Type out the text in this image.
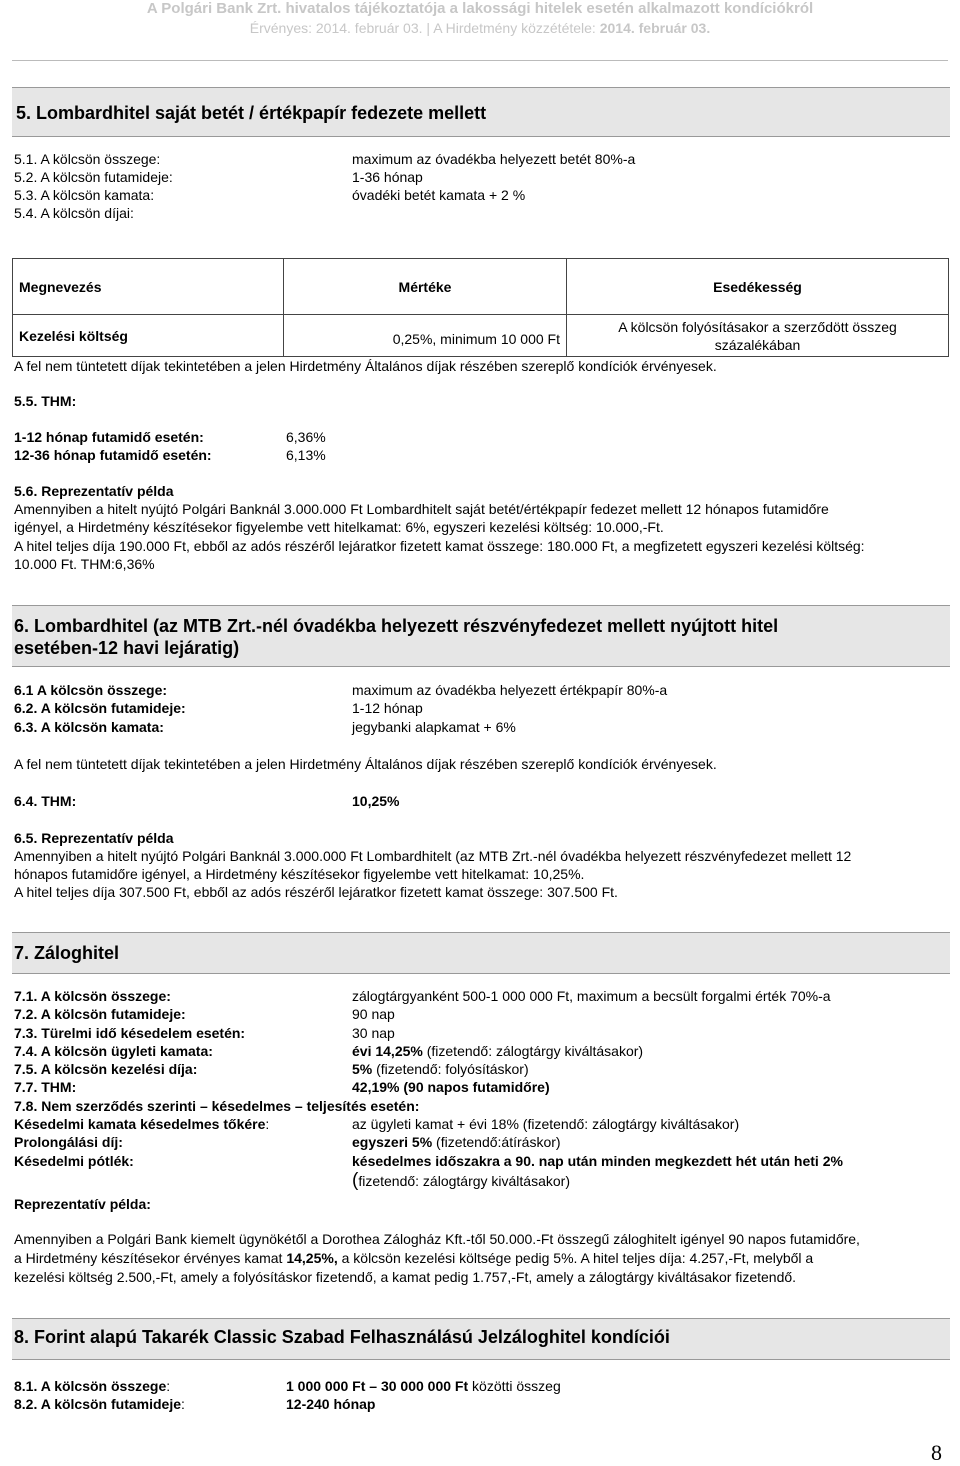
A Polgári Bank Zrt. hivatalos tájékoztatója a lakossági hitelek esetén alkalmazott kondíciókról
Érvényes: 2014. február 03. | A Hirdetmény közzététele: 2014. február 03.
5. Lombardhitel saját betét / értékpapír fedezete mellett
5.1. A kölcsön összege:	maximum az óvadékba helyezett betét 80%-a
5.2. A kölcsön futamideje:	1-36 hónap
5.3. A kölcsön kamata:	óvadéki betét kamata + 2 %
5.4. A kölcsön díjai:
Megnevezés	Mértéke	Esedékesség
Kezelési költség	0,25%, minimum 10 000 Ft	A kölcsön folyósításakor a szerződött összeg
százalékában
A fel nem tüntetett díjak tekintetében a jelen Hirdetmény Általános díjak részében szereplő kondíciók érvényesek.
5.5. THM:
1-12 hónap futamidő esetén:	6,36%
12-36 hónap futamidő esetén:	6,13%
5.6. Reprezentatív példa
Amennyiben a hitelt nyújtó Polgári Banknál 3.000.000 Ft Lombardhitelt saját betét/értékpapír fedezet mellett 12 hónapos futamidőre
igényel, a Hirdetmény készítésekor figyelembe vett hitelkamat: 6%, egyszeri kezelési költség: 10.000,-Ft.
A hitel teljes díja 190.000 Ft, ebből az adós részéről lejáratkor fizetett kamat összege: 180.000 Ft, a megfizetett egyszeri kezelési költség:
10.000 Ft. THM:6,36%
6. Lombardhitel (az MTB Zrt.-nél óvadékba helyezett részvényfedezet mellett nyújtott hitel
esetében-12 havi lejáratig)
6.1 A kölcsön összege:	maximum az óvadékba helyezett értékpapír 80%-a
6.2. A kölcsön futamideje:	1-12 hónap
6.3. A kölcsön kamata:	jegybanki alapkamat + 6%
A fel nem tüntetett díjak tekintetében a jelen Hirdetmény Általános díjak részében szereplő kondíciók érvényesek.
6.4. THM:	10,25%
6.5. Reprezentatív példa
Amennyiben a hitelt nyújtó Polgári Banknál 3.000.000 Ft Lombardhitelt (az MTB Zrt.-nél óvadékba helyezett részvényfedezet mellett 12
hónapos futamidőre igényel, a Hirdetmény készítésekor figyelembe vett hitelkamat: 10,25%.
A hitel teljes díja 307.500 Ft, ebből az adós részéről lejáratkor fizetett kamat összege: 307.500 Ft.
7. Záloghitel
7.1. A kölcsön összege:	zálogtárgyanként 500-1 000 000 Ft, maximum a becsült forgalmi érték 70%-a
7.2. A kölcsön futamideje:	90 nap
7.3. Türelmi idő késedelem esetén:	30 nap
7.4. A kölcsön ügyleti kamata:	évi 14,25% (fizetendő: zálogtárgy kiváltásakor)
7.5. A kölcsön kezelési díja:	5% (fizetendő: folyósításkor)
7.7. THM:	42,19% (90 napos futamidőre)
7.8. Nem szerződés szerinti – késedelmes – teljesítés esetén:
Késedelmi kamata késedelmes tőkére:	az ügyleti kamat + évi 18% (fizetendő: zálogtárgy kiváltásakor)
Prolongálási díj:	egyszeri 5% (fizetendő:átíráskor)
Késedelmi pótlék:	késedelmes időszakra a 90. nap után minden megkezdett hét után heti 2%
(fizetendő: zálogtárgy kiváltásakor)
Reprezentatív példa:
Amennyiben a Polgári Bank kiemelt ügynökétől a Dorothea Zálogház Kft.-től 50.000.-Ft összegű záloghitelt igényel 90 napos futamidőre,
a Hirdetmény készítésekor érvényes kamat 14,25%, a kölcsön kezelési költsége pedig 5%. A hitel teljes díja: 4.257,-Ft, melyből a
kezelési költség 2.500,-Ft, amely a folyósításkor fizetendő, a kamat pedig 1.757,-Ft, amely a zálogtárgy kiváltásakor fizetendő.
8. Forint alapú Takarék Classic Szabad Felhasználású Jelzáloghitel kondíciói
8.1. A kölcsön összege:	1 000 000 Ft – 30 000 000 Ft közötti összeg
8.2. A kölcsön futamideje:	12-240 hónap
8
